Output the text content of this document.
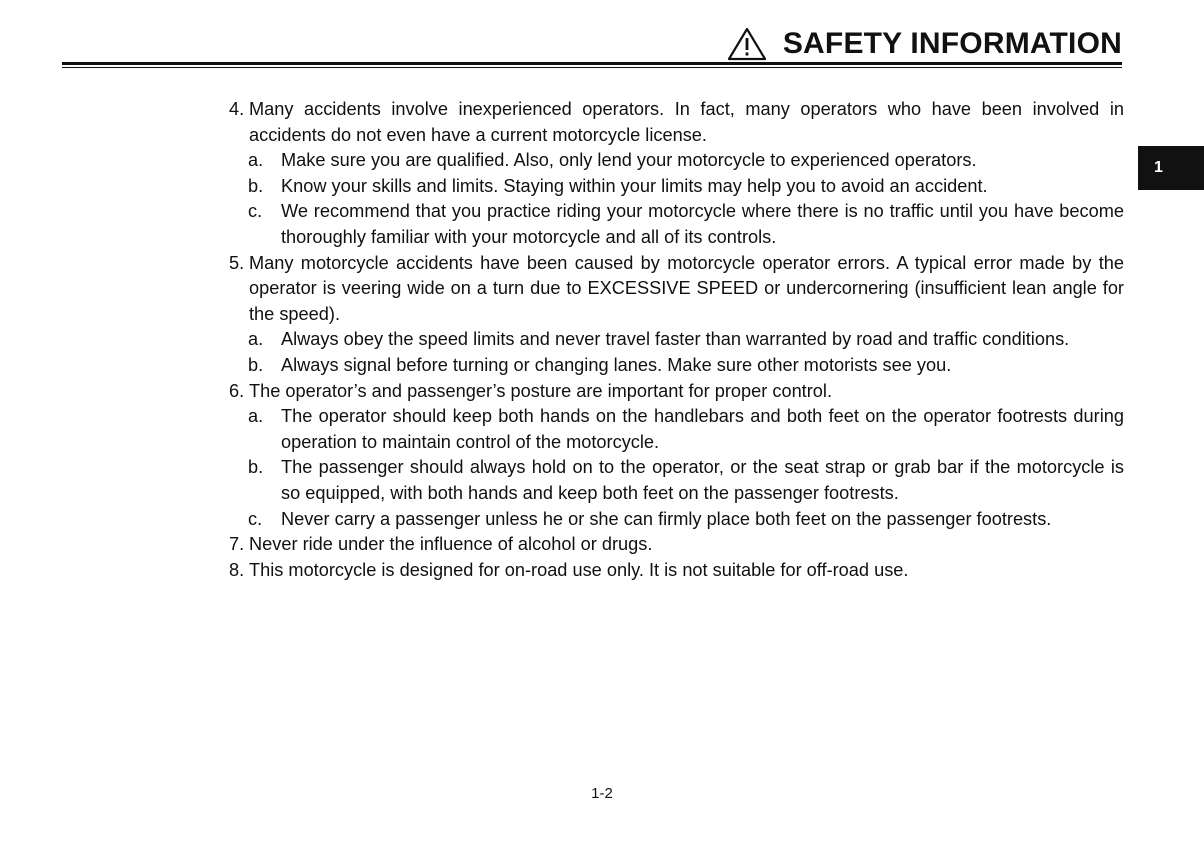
SAFETY INFORMATION
1
4. Many accidents involve inexperienced operators. In fact, many operators who have been involved in accidents do not even have a current motorcycle license.
a. Make sure you are qualified. Also, only lend your motorcycle to experienced operators.
b. Know your skills and limits. Staying within your limits may help you to avoid an accident.
c.	We recommend that you practice riding your motorcycle where there is no traffic until you have become thoroughly familiar with your motorcycle and all of its controls.
5. Many motorcycle accidents have been caused by motorcycle operator errors. A typical error made by the operator is veering wide on a turn due to EXCESSIVE SPEED or undercornering (insufficient lean angle for the speed).
a. Always obey the speed limits and never travel faster than warranted by road and traffic conditions.
b. Always signal before turning or changing lanes. Make sure other motorists see you.
6. The operator’s and passenger’s posture are important for proper control.
a. The operator should keep both hands on the handlebars and both feet on the operator footrests during operation to maintain control of the motorcycle.
b. The passenger should always hold on to the operator, or the seat strap or grab bar if the motorcycle is so equipped, with both hands and keep both feet on the passenger footrests.
c.	Never carry a passenger unless he or she can firmly place both feet on the passenger footrests.
7. Never ride under the influence of alcohol or drugs.
8. This motorcycle is designed for on-road use only. It is not suitable for off-road use.
1-2
